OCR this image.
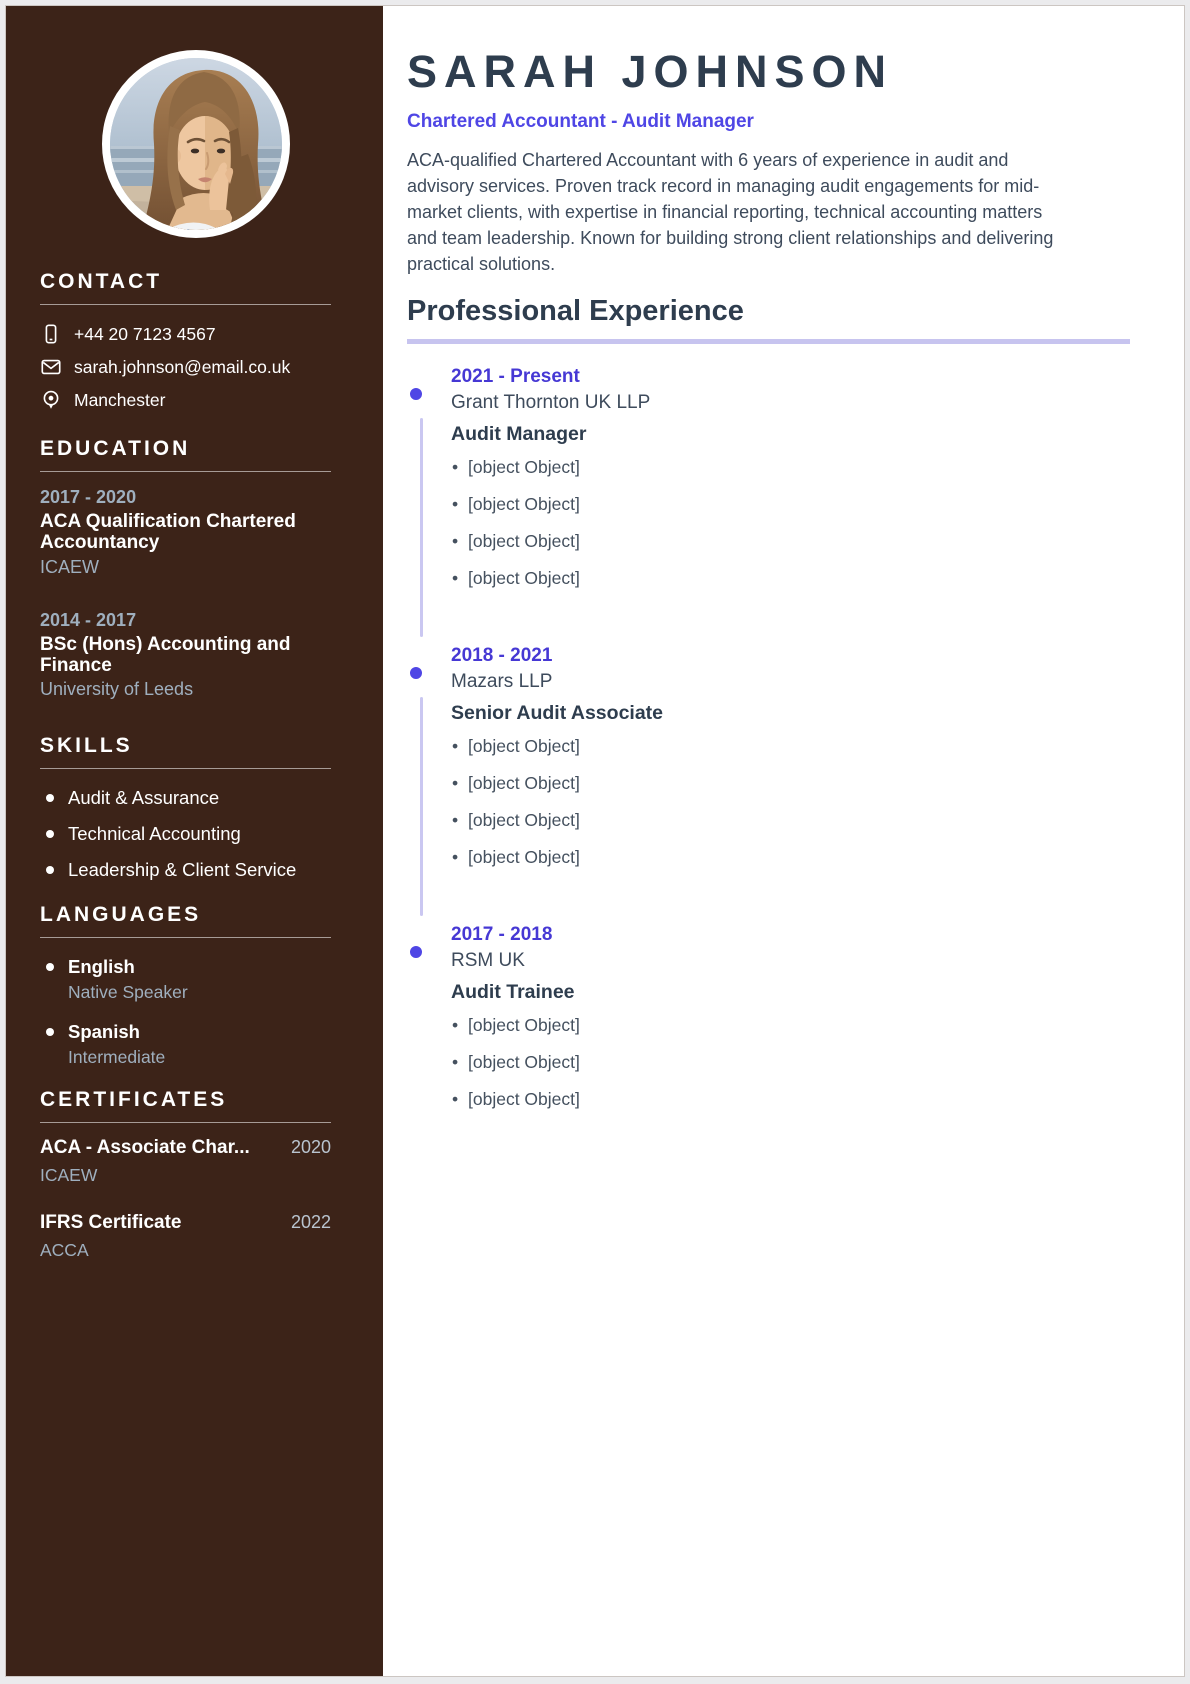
CONTACT
+44 20 7123 4567
sarah.johnson@email.co.uk
Manchester
EDUCATION
2017 - 2020
ACA Qualification Chartered Accountancy
ICAEW
2014 - 2017
BSc (Hons) Accounting and Finance
University of Leeds
SKILLS
Audit & Assurance
Technical Accounting
Leadership & Client Service
LANGUAGES
English
Native Speaker
Spanish
Intermediate
CERTIFICATES
ACA - Associate Char... 2020
ICAEW
IFRS Certificate	2022
ACCA
SARAH JOHNSON
Chartered Accountant - Audit Manager

ACA-qualified Chartered Accountant with 6 years of experience in audit and advisory services. Proven track record in managing audit engagements for mid-market clients, with expertise in financial reporting, technical accounting matters and team leadership. Known for building strong client relationships and delivering practical solutions.

Professional Experience
2021 - Present
Grant Thornton UK LLP
Audit Manager
• [object Object]
• [object Object]
• [object Object]
• [object Object]
2018 - 2021
Mazars LLP
Senior Audit Associate
• [object Object]
• [object Object]
• [object Object]
• [object Object]
2017 - 2018
RSM UK
Audit Trainee
• [object Object]
• [object Object]
• [object Object]
